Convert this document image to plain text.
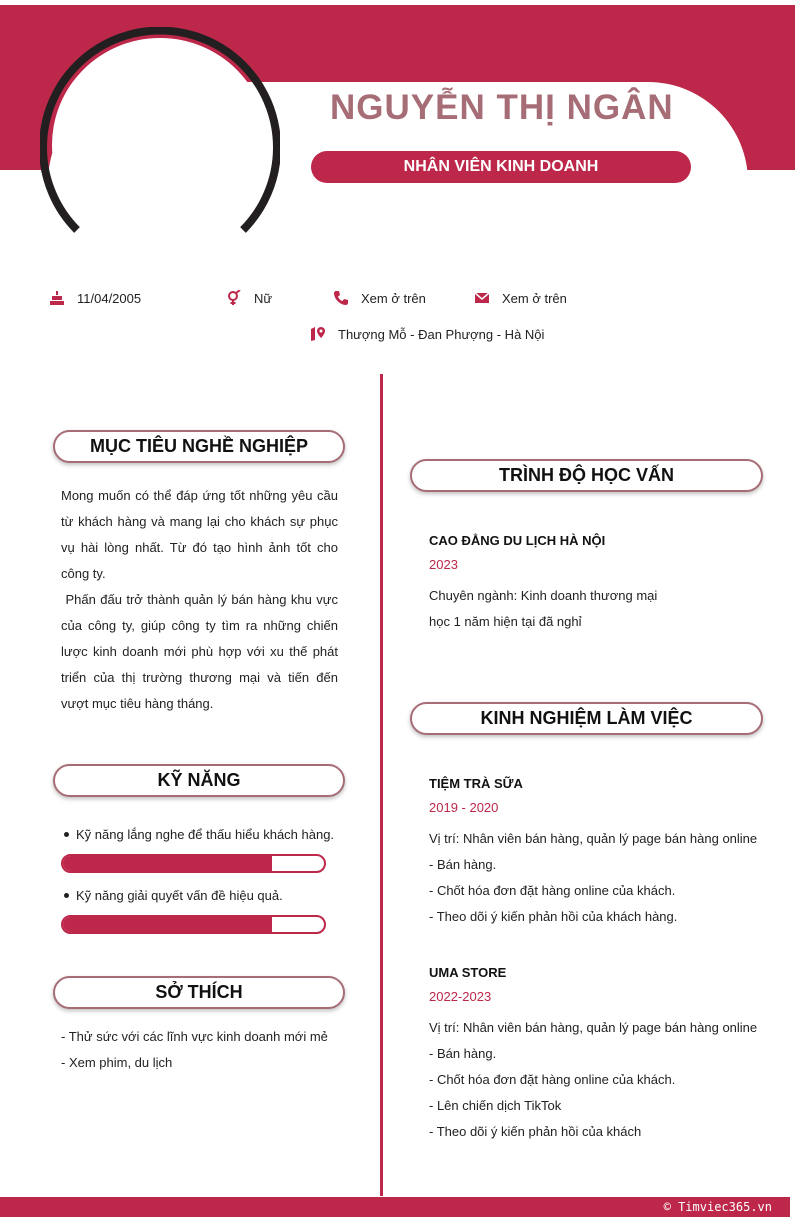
NGUYỄN THỊ NGÂN
NHÂN VIÊN KINH DOANH
11/04/2005	Nữ	Xem ở trên	Xem ở trên
Thượng Mỗ - Đan Phượng - Hà Nội
MỤC TIÊU NGHỀ NGHIỆP
Mong muốn có thể đáp ứng tốt những yêu cầu từ khách hàng và mang lại cho khách sự phục vụ hài lòng nhất. Từ đó tạo hình ảnh tốt cho công ty.
Phấn đấu trở thành quản lý bán hàng khu vực của công ty, giúp công ty tìm ra những chiến lược kinh doanh mới phù hợp với xu thế phát triển của thị trường thương mại và tiến đến vượt mục tiêu hàng tháng.
KỸ NĂNG
Kỹ năng lắng nghe để thấu hiểu khách hàng.
Kỹ năng giải quyết vấn đề hiệu quả.
SỞ THÍCH
- Thử sức với các lĩnh vực kinh doanh mới mẻ
- Xem phim, du lịch
TRÌNH ĐỘ HỌC VẤN
CAO ĐẲNG DU LỊCH HÀ NỘI
2023
Chuyên ngành: Kinh doanh thương mại
học 1 năm hiện tại đã nghỉ
KINH NGHIỆM LÀM VIỆC
TIỆM TRÀ SỮA
2019 - 2020
Vị trí: Nhân viên bán hàng, quản lý page bán hàng online
- Bán hàng.
- Chốt hóa đơn đặt hàng online của khách.
- Theo dõi ý kiến phản hồi của khách hàng.
UMA STORE
2022-2023
Vị trí: Nhân viên bán hàng, quản lý page bán hàng online
- Bán hàng.
- Chốt hóa đơn đặt hàng online của khách.
- Lên chiến dịch TikTok
- Theo dõi ý kiến phản hồi của khách
© Timviec365.vn
